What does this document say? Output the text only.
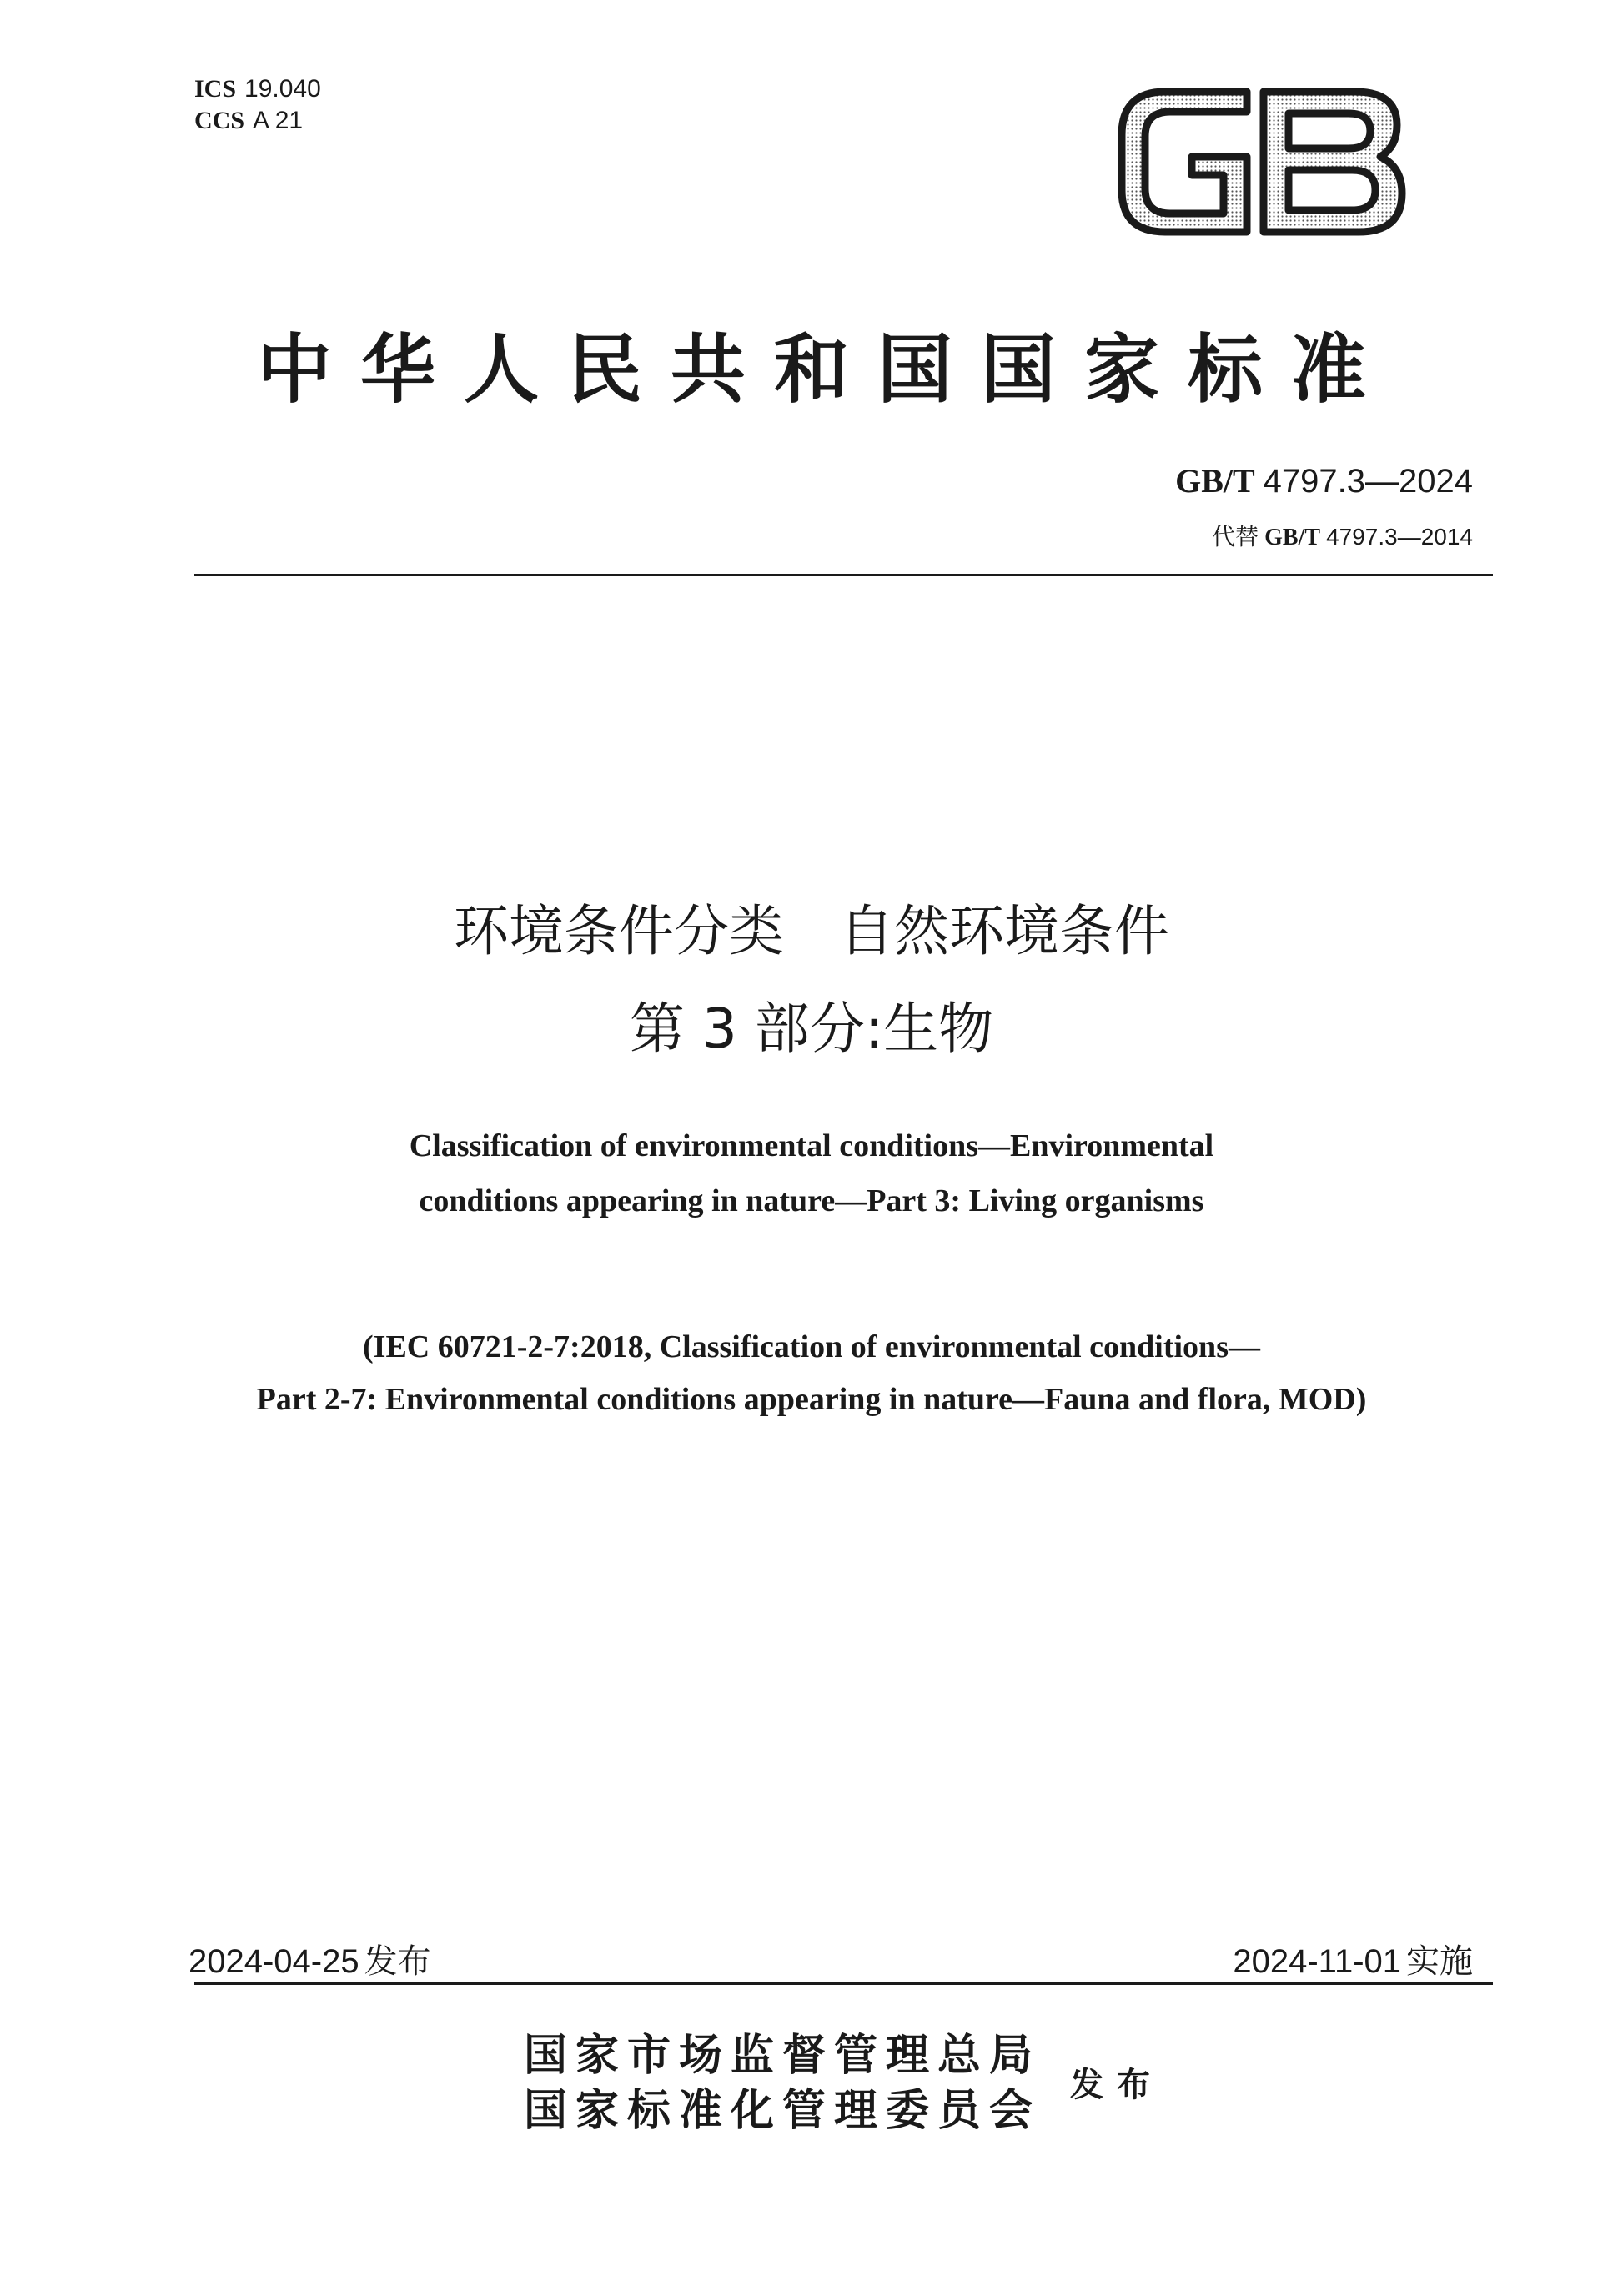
ICS 19.040
CCS A 21
中华人民共和国国家标准
GB/T 4797.3—2024
代替 GB/T 4797.3—2014
环境条件分类　自然环境条件
第 3 部分:生物
Classification of environmental conditions—Environmental
conditions appearing in nature—Part 3: Living organisms
(IEC 60721-2-7:2018, Classification of environmental conditions—
Part 2-7: Environmental conditions appearing in nature—Fauna and flora, MOD)
2024-04-25 发布	2024-11-01 实施
国家市场监督管理总局
国家标准化管理委员会
发布
